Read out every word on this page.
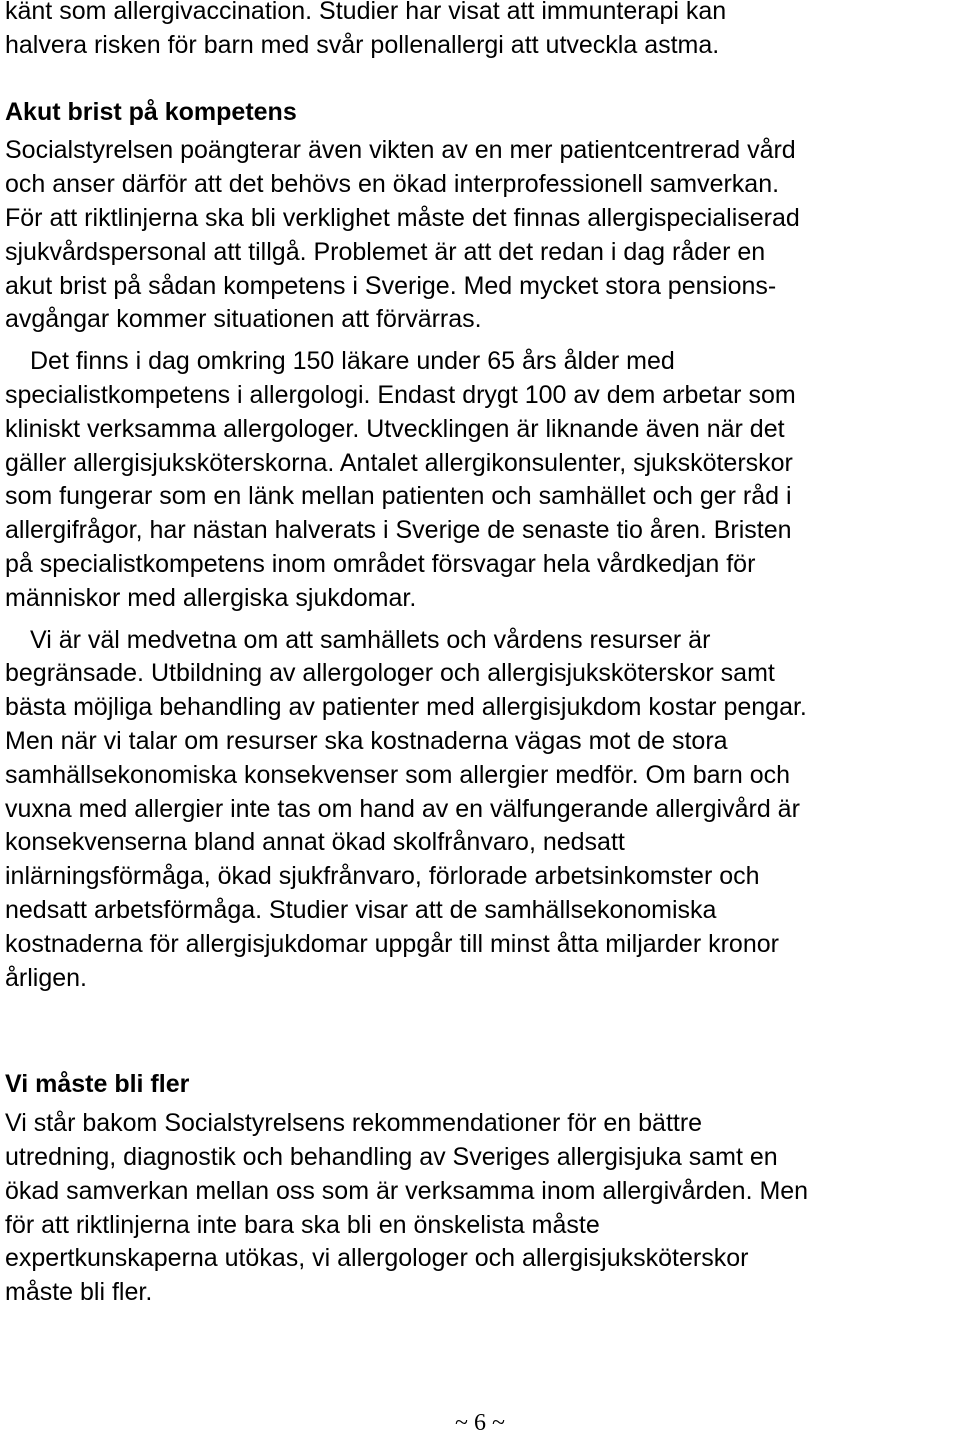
känt som allergivaccination. Studier har visat att immunterapi kan
halvera risken för barn med svår pollenallergi att utveckla astma.
Akut brist på kompetens
Socialstyrelsen poängterar även vikten av en mer patientcentrerad vård
och anser därför att det behövs en ökad interprofessionell samverkan.
För att riktlinjerna ska bli verklighet måste det finnas allergispecialiserad
sjukvårdspersonal att tillgå. Problemet är att det redan i dag råder en
akut brist på sådan kompetens i Sverige. Med mycket stora pensions-
avgångar kommer situationen att förvärras.
Det finns i dag omkring 150 läkare under 65 års ålder med
specialistkompetens i allergologi. Endast drygt 100 av dem arbetar som
kliniskt verksamma allergologer. Utvecklingen är liknande även när det
gäller allergisjuksköterskorna. Antalet allergikonsulenter, sjuksköterskor
som fungerar som en länk mellan patienten och samhället och ger råd i
allergifrågor, har nästan halverats i Sverige de senaste tio åren. Bristen
på specialistkompetens inom området försvagar hela vårdkedjan för
människor med allergiska sjukdomar.
Vi är väl medvetna om att samhällets och vårdens resurser är
begränsade. Utbildning av allergologer och allergisjuksköterskor samt
bästa möjliga behandling av patienter med allergisjukdom kostar pengar.
Men när vi talar om resurser ska kostnaderna vägas mot de stora
samhällsekonomiska konsekvenser som allergier medför. Om barn och
vuxna med allergier inte tas om hand av en välfungerande allergivård är
konsekvenserna bland annat ökad skolfrånvaro, nedsatt
inlärningsförmåga, ökad sjukfrånvaro, förlorade arbetsinkomster och
nedsatt arbetsförmåga. Studier visar att de samhällsekonomiska
kostnaderna för allergisjukdomar uppgår till minst åtta miljarder kronor
årligen.
Vi måste bli fler
Vi står bakom Socialstyrelsens rekommendationer för en bättre
utredning, diagnostik och behandling av Sveriges allergisjuka samt en
ökad samverkan mellan oss som är verksamma inom allergivården. Men
för att riktlinjerna inte bara ska bli en önskelista måste
expertkunskaperna utökas, vi allergologer och allergisjuksköterskor
måste bli fler.
~ 6 ~
